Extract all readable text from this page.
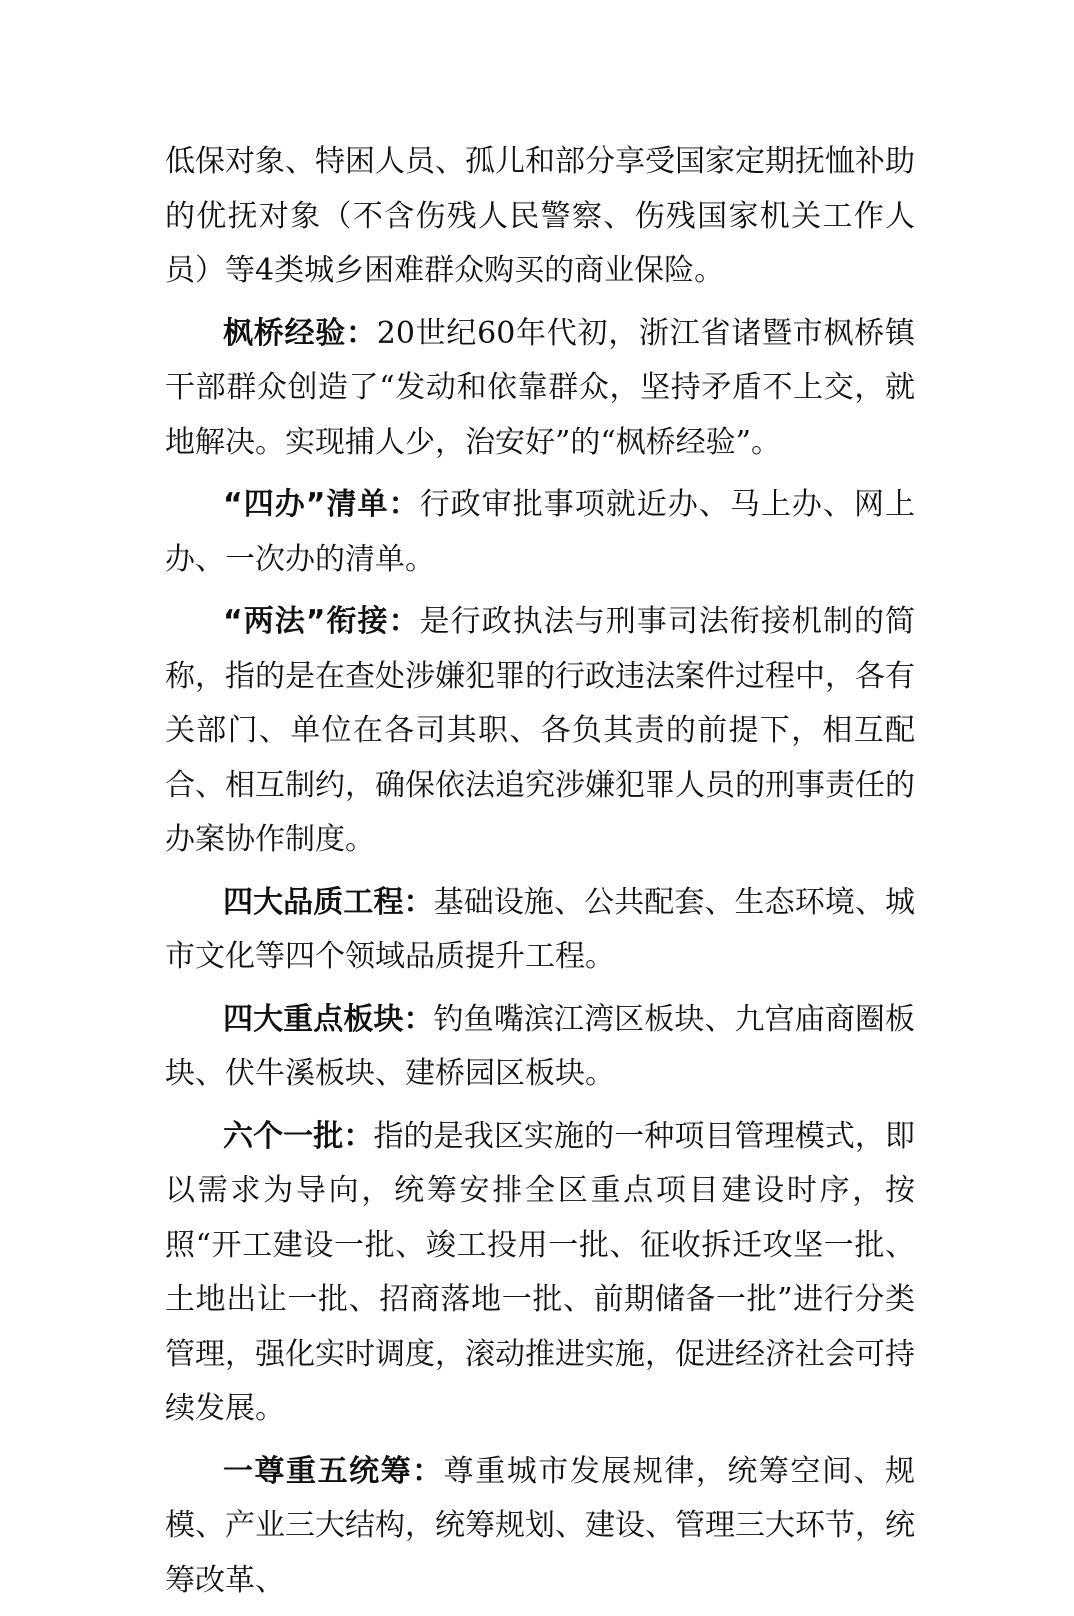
低保对象、特困人员、孤儿和部分享受国家定期抚恤补助的优抚对象（不含伤残人民警察、伤残国家机关工作人员）等4类城乡困难群众购买的商业保险。

枫桥经验：20世纪60年代初，浙江省诸暨市枫桥镇干部群众创造了“发动和依靠群众，坚持矛盾不上交，就地解决。实现捕人少，治安好”的“枫桥经验”。

“四办”清单：行政审批事项就近办、马上办、网上办、一次办的清单。

“两法”衔接：是行政执法与刑事司法衔接机制的简称，指的是在查处涉嫌犯罪的行政违法案件过程中，各有关部门、单位在各司其职、各负其责的前提下，相互配合、相互制约，确保依法追究涉嫌犯罪人员的刑事责任的办案协作制度。

四大品质工程：基础设施、公共配套、生态环境、城市文化等四个领域品质提升工程。

四大重点板块：钓鱼嘴滨江湾区板块、九宫庙商圈板块、伏牛溪板块、建桥园区板块。

六个一批：指的是我区实施的一种项目管理模式，即以需求为导向，统筹安排全区重点项目建设时序，按照“开工建设一批、竣工投用一批、征收拆迁攻坚一批、土地出让一批、招商落地一批、前期储备一批”进行分类管理，强化实时调度，滚动推进实施，促进经济社会可持续发展。

一尊重五统筹：尊重城市发展规律，统筹空间、规模、产业三大结构，统筹规划、建设、管理三大环节，统筹改革、
